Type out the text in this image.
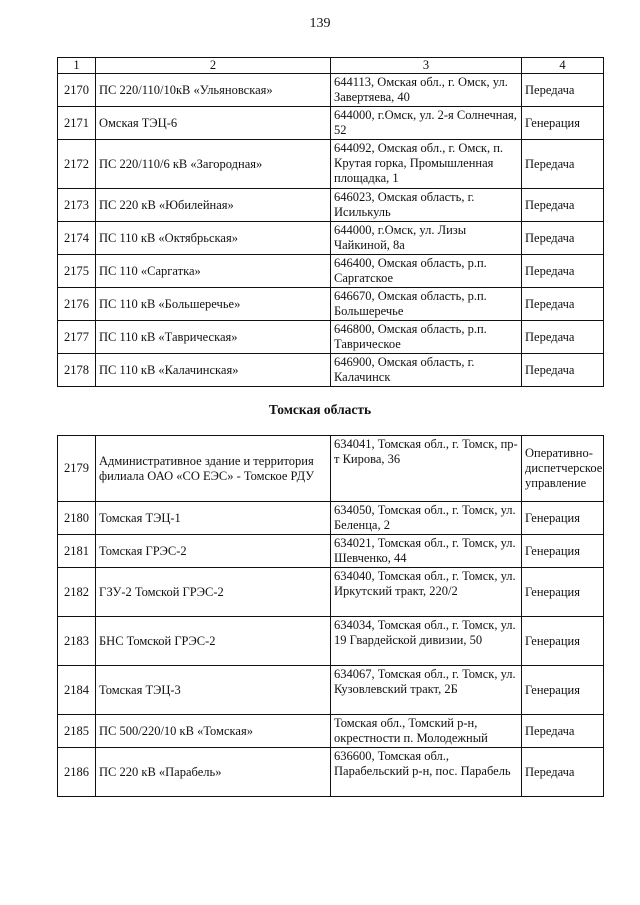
139
1	2	3	4
2170	ПС 220/110/10кВ «Ульяновская»	644113, Омская обл., г. Омск, ул. Завертяева, 40	Передача
2171	Омская ТЭЦ-6	644000, г.Омск, ул. 2-я Солнечная, 52	Генерация
2172	ПС 220/110/6 кВ «Загородная»	644092, Омская обл., г. Омск, п. Крутая горка, Промышленная площадка, 1	Передача
2173	ПС 220 кВ «Юбилейная»	646023, Омская область, г. Исилькуль	Передача
2174	ПС 110 кВ «Октябрьская»	644000, г.Омск, ул. Лизы Чайкиной, 8а	Передача
2175	ПС 110 «Саргатка»	646400, Омская область, р.п. Саргатское	Передача
2176	ПС 110 кВ «Большеречье»	646670, Омская область, р.п. Большеречье	Передача
2177	ПС 110 кВ «Таврическая»	646800, Омская область, р.п. Таврическое	Передача
2178	ПС 110 кВ «Калачинская»	646900, Омская область, г. Калачинск	Передача
Томская область
2179	Административное здание и территория филиала ОАО «СО ЕЭС» - Томское РДУ	634041, Томская обл., г. Томск, пр-т Кирова, 36	Оперативно-диспетчерское управление
2180	Томская ТЭЦ-1	634050, Томская обл., г. Томск, ул. Беленца, 2	Генерация
2181	Томская ГРЭС-2	634021, Томская обл., г. Томск, ул. Шевченко, 44	Генерация
2182	ГЗУ-2 Томской ГРЭС-2	634040, Томская обл., г. Томск, ул. Иркутский тракт, 220/2	Генерация
2183	БНС Томской ГРЭС-2	634034, Томская обл., г. Томск, ул. 19 Гвардейской дивизии, 50	Генерация
2184	Томская ТЭЦ-3	634067, Томская обл., г. Томск, ул. Кузовлевский тракт, 2Б	Генерация
2185	ПС 500/220/10 кВ «Томская»	Томская обл., Томский р-н, окрестности п. Молодежный	Передача
2186	ПС 220 кВ «Парабель»	636600, Томская обл., Парабельский р-н, пос. Парабель	Передача
